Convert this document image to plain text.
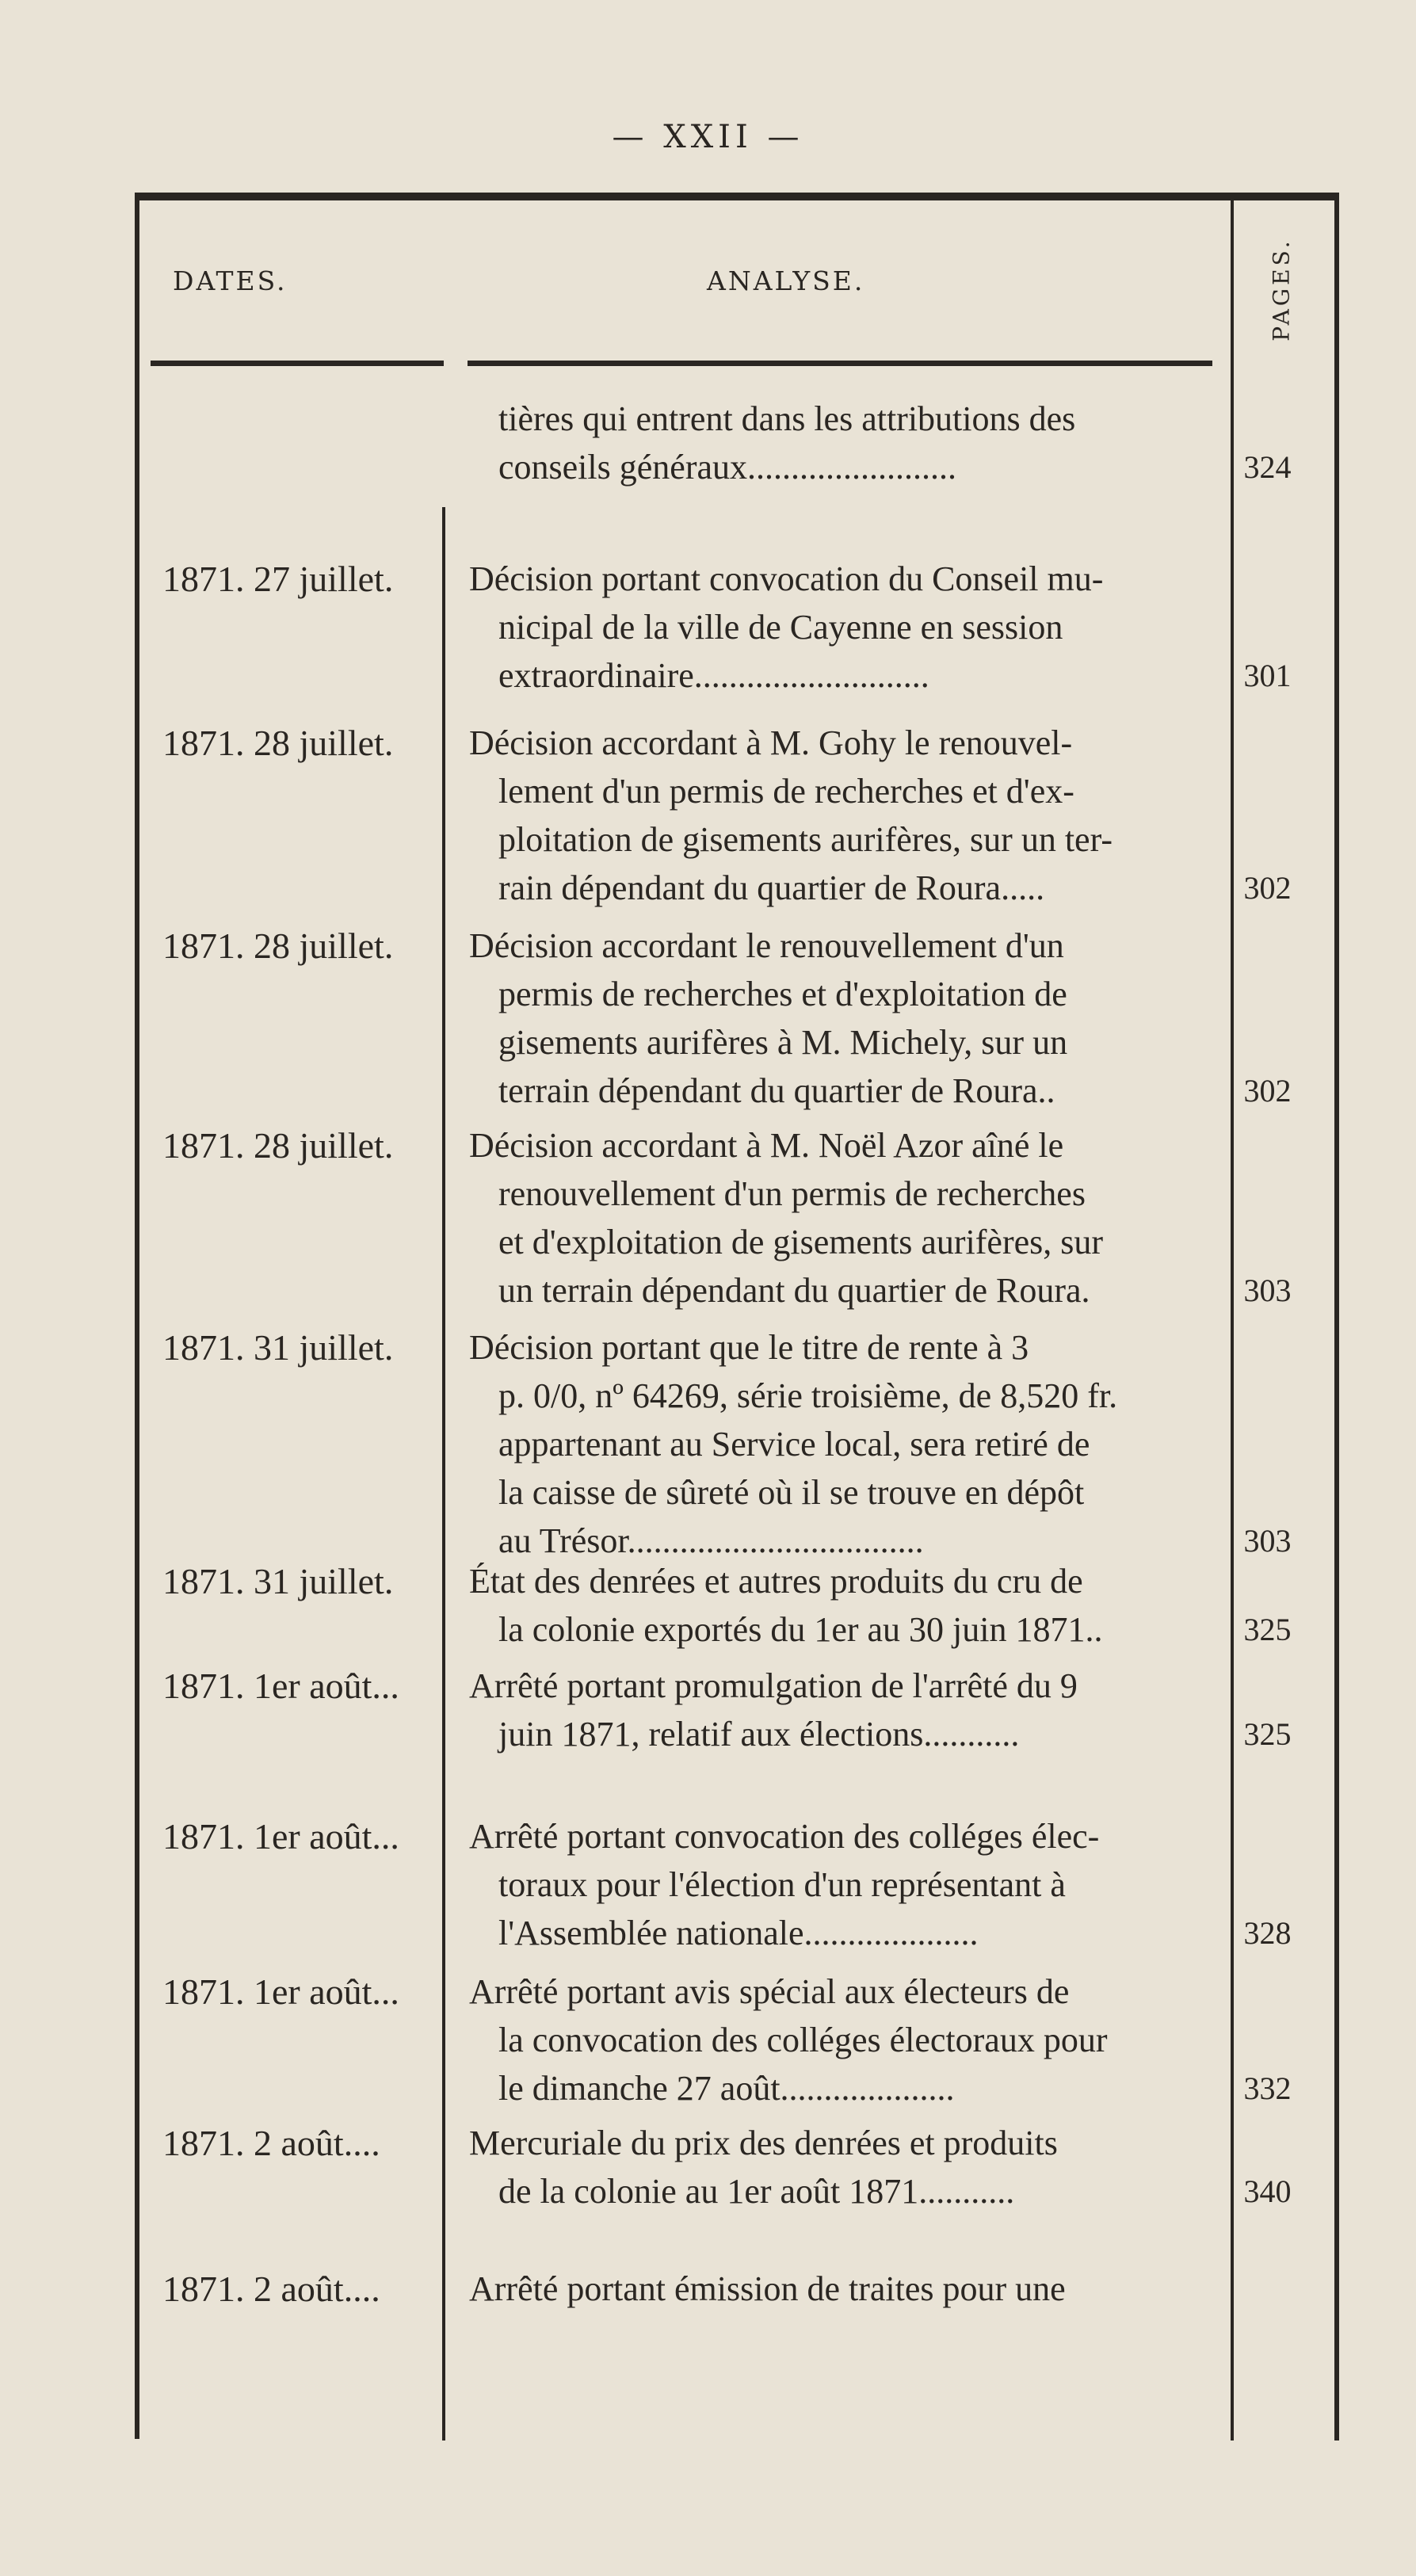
— XXII —
DATES.	ANALYSE.	PAGES.
tières qui entrent dans les attributions des
conseils généraux........................	324
1871. 27 juillet.	Décision portant convocation du Conseil mu-
nicipal de la ville de Cayenne en session
extraordinaire...........................	301
1871. 28 juillet.	Décision accordant à M. Gohy le renouvel-
lement d'un permis de recherches et d'ex-
ploitation de gisements aurifères, sur un ter-
rain dépendant du quartier de Roura.....	302
1871. 28 juillet.	Décision accordant le renouvellement d'un
permis de recherches et d'exploitation de
gisements aurifères à M. Michely, sur un
terrain dépendant du quartier de Roura..	302
1871. 28 juillet.	Décision accordant à M. Noël Azor aîné le
renouvellement d'un permis de recherches
et d'exploitation de gisements aurifères, sur
un terrain dépendant du quartier de Roura.	303
1871. 31 juillet.	Décision portant que le titre de rente à 3
p. 0/0, nº 64269, série troisième, de 8,520 fr.
appartenant au Service local, sera retiré de
la caisse de sûreté où il se trouve en dépôt
au Trésor..................................	303
1871. 31 juillet.	État des denrées et autres produits du cru de
la colonie exportés du 1er au 30 juin 1871..	325
1871. 1er août...	Arrêté portant promulgation de l'arrêté du 9
juin 1871, relatif aux élections...........	325
1871. 1er août...	Arrêté portant convocation des colléges élec-
toraux pour l'élection d'un représentant à
l'Assemblée nationale....................	328
1871. 1er août...	Arrêté portant avis spécial aux électeurs de
la convocation des colléges électoraux pour
le dimanche 27 août....................	332
1871. 2 août....	Mercuriale du prix des denrées et produits
de la colonie au 1er août 1871...........	340
1871. 2 août....	Arrêté portant émission de traites pour une
